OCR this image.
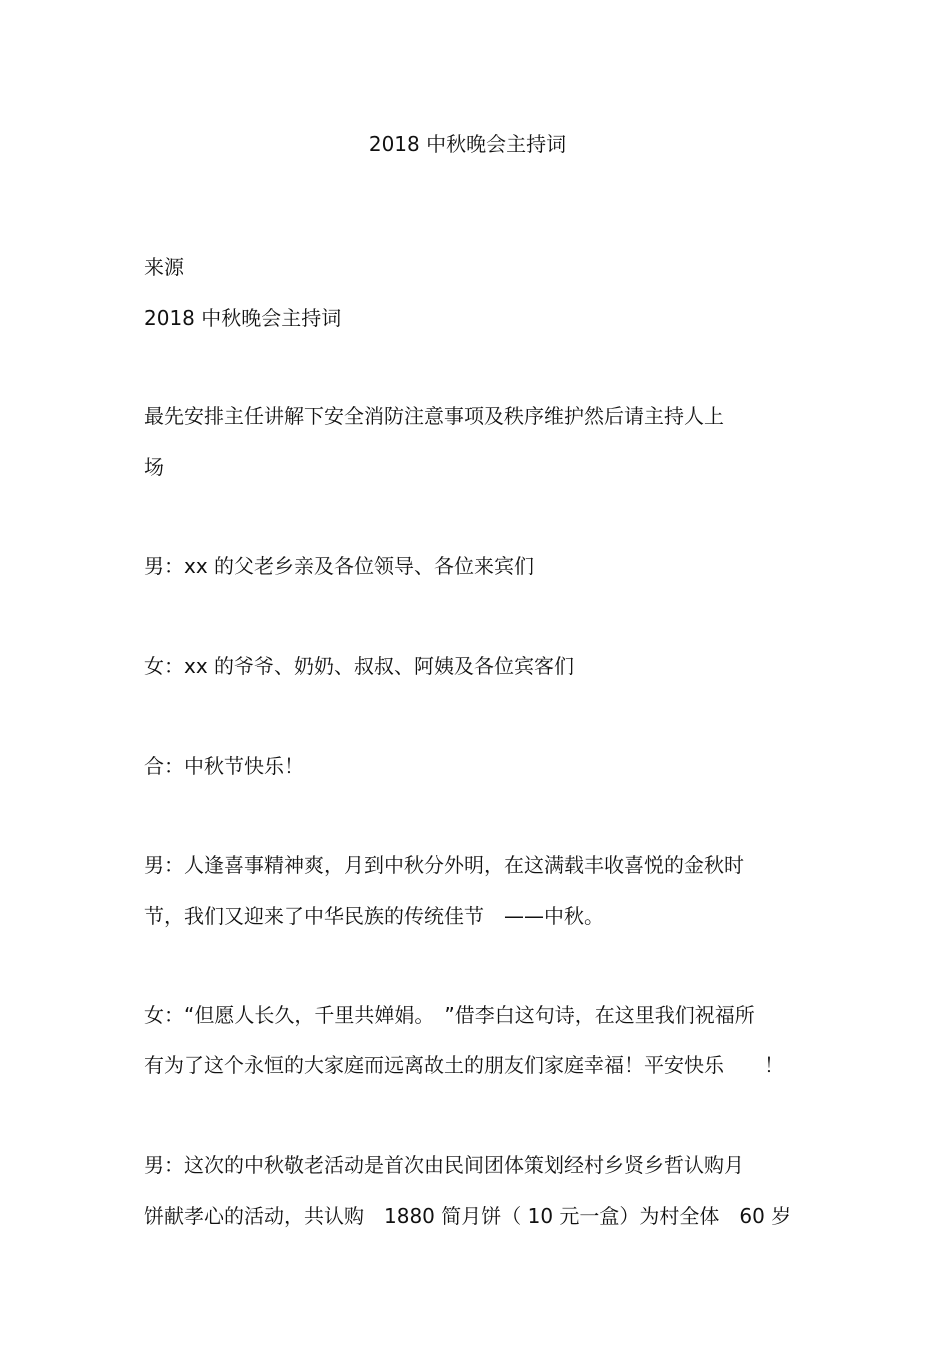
2018 中秋晚会主持词
来源
2018 中秋晚会主持词
最先安排主任讲解下安全消防注意事项及秩序维护然后请主持人上
场
男：xx 的父老乡亲及各位领导、各位来宾们
女：xx 的爷爷、奶奶、叔叔、阿姨及各位宾客们
合：中秋节快乐！
男：人逢喜事精神爽，月到中秋分外明，在这满载丰收喜悦的金秋时
节，我们又迎来了中华民族的传统佳节　——中秋。
女：“但愿人长久，千里共婵娟。　”借李白这句诗，在这里我们祝福所
有为了这个永恒的大家庭而远离故土的朋友们家庭幸福！平安快乐　　！
男：这次的中秋敬老活动是首次由民间团体策划经村乡贤乡哲认购月
饼献孝心的活动，共认购　1880 简月饼（ 10 元一盒）为村全体　60 岁
